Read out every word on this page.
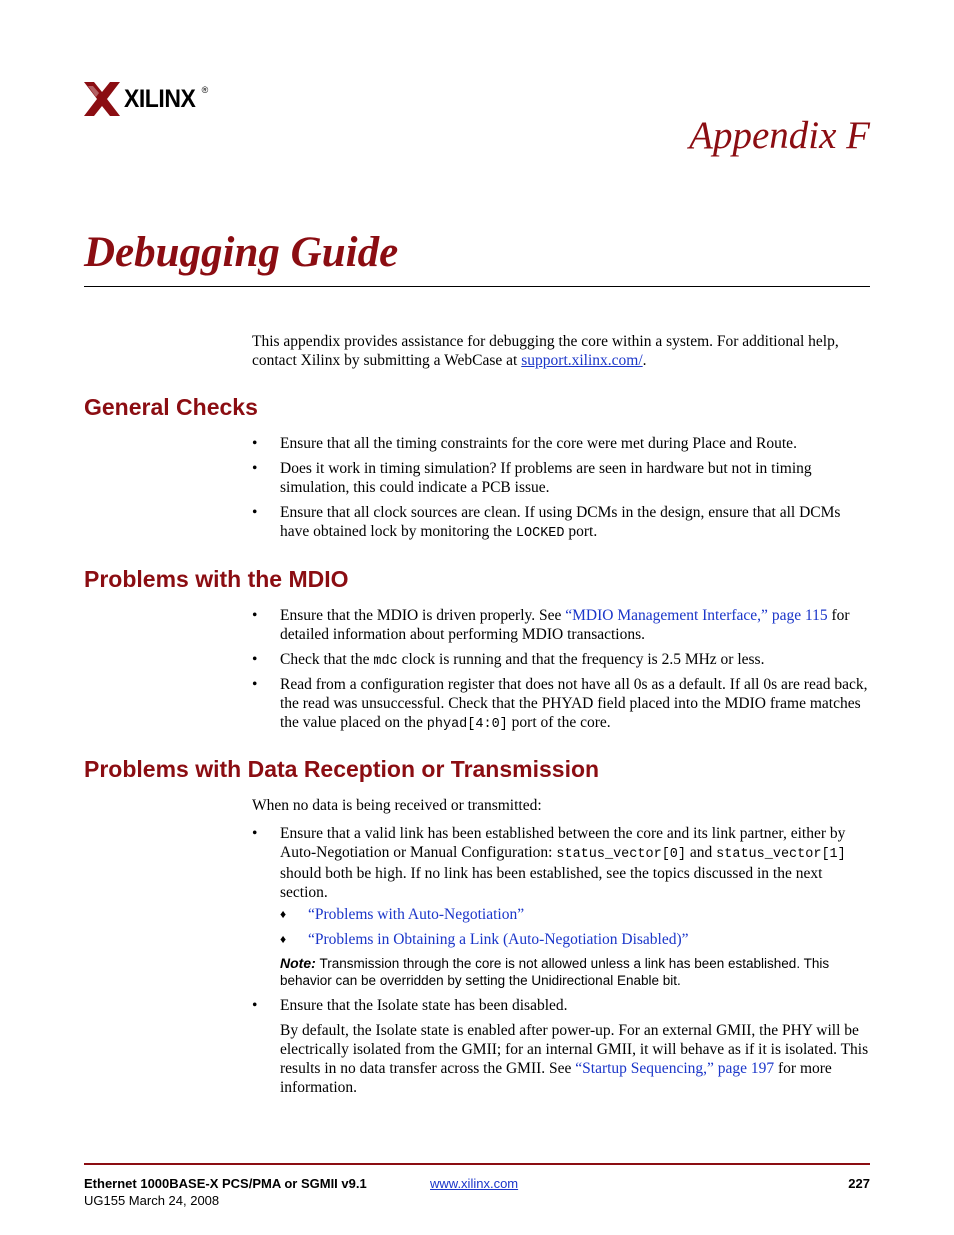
XILINX ®
Appendix F
Debugging Guide
This appendix provides assistance for debugging the core within a system. For additional help, contact Xilinx by submitting a WebCase at support.xilinx.com/.
General Checks
•	Ensure that all the timing constraints for the core were met during Place and Route.
•	Does it work in timing simulation? If problems are seen in hardware but not in timing simulation, this could indicate a PCB issue.
•	Ensure that all clock sources are clean. If using DCMs in the design, ensure that all DCMs have obtained lock by monitoring the LOCKED port.
Problems with the MDIO
•	Ensure that the MDIO is driven properly. See “MDIO Management Interface,” page 115 for detailed information about performing MDIO transactions.
•	Check that the mdc clock is running and that the frequency is 2.5 MHz or less.
•	Read from a configuration register that does not have all 0s as a default. If all 0s are read back, the read was unsuccessful. Check that the PHYAD field placed into the MDIO frame matches the value placed on the phyad[4:0] port of the core.
Problems with Data Reception or Transmission
When no data is being received or transmitted:
•	Ensure that a valid link has been established between the core and its link partner, either by Auto-Negotiation or Manual Configuration: status_vector[0] and status_vector[1] should both be high. If no link has been established, see the topics discussed in the next section.
♦	“Problems with Auto-Negotiation”
♦	“Problems in Obtaining a Link (Auto-Negotiation Disabled)”
Note: Transmission through the core is not allowed unless a link has been established. This behavior can be overridden by setting the Unidirectional Enable bit.
•	Ensure that the Isolate state has been disabled.
By default, the Isolate state is enabled after power-up. For an external GMII, the PHY will be electrically isolated from the GMII; for an internal GMII, it will behave as if it is isolated. This results in no data transfer across the GMII. See “Startup Sequencing,” page 197 for more information.
Ethernet 1000BASE-X PCS/PMA or SGMII v9.1
UG155 March 24, 2008
www.xilinx.com	227
